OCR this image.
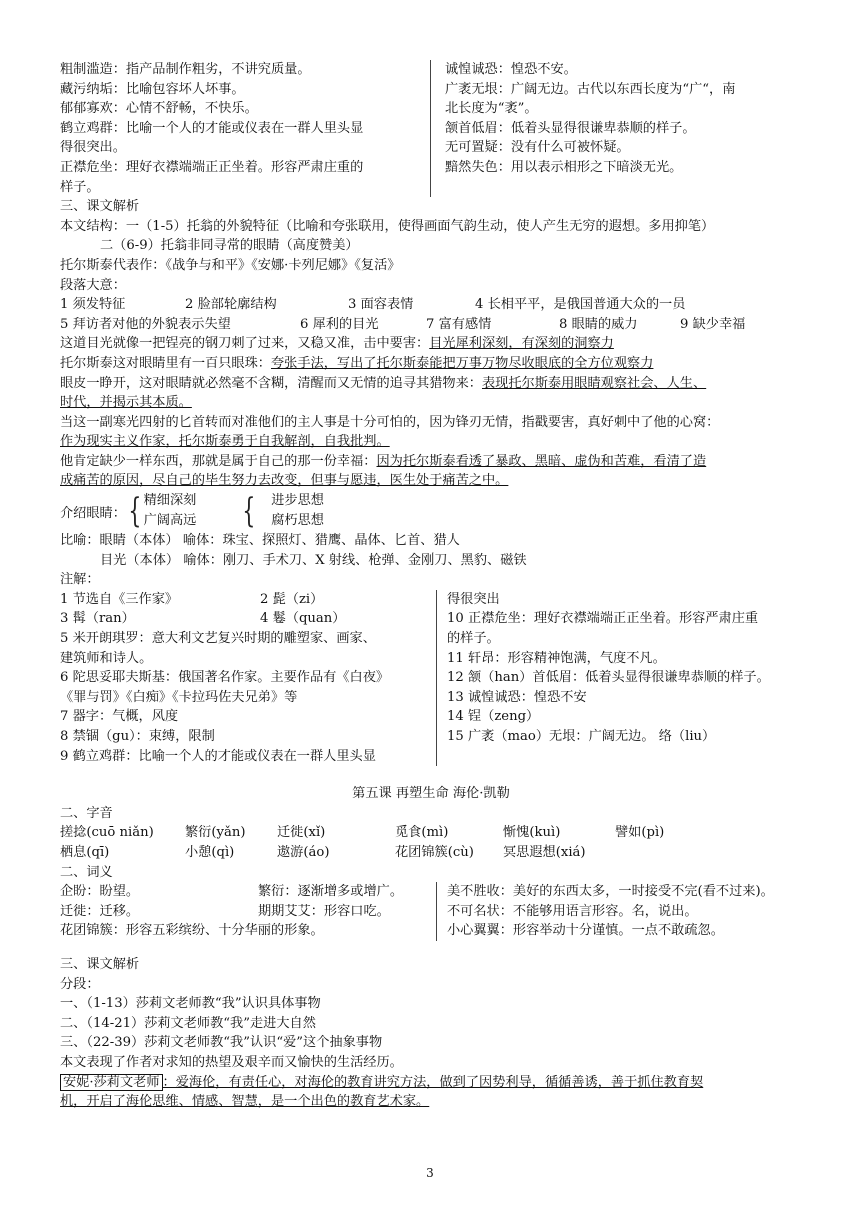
粗制滥造：指产品制作粗劣，不讲究质量。
藏污纳垢：比喻包容坏人坏事。
郁郁寡欢：心情不舒畅，不快乐。
鹤立鸡群：比喻一个人的才能或仪表在一群人里头显
得很突出。
正襟危坐：理好衣襟端端正正坐着。形容严肃庄重的
样子。
诚惶诚恐：惶恐不安。
广袤无垠：广阔无边。古代以东西长度为“广“，南
北长度为“袤”。
颔首低眉：低着头显得很谦卑恭顺的样子。
无可置疑：没有什么可被怀疑。
黯然失色：用以表示相形之下暗淡无光。
三、课文解析
本文结构：一（1-5）托翁的外貌特征（比喻和夸张联用，使得画面气韵生动，使人产生无穷的遐想。多用抑笔）
二（6-9）托翁非同寻常的眼睛（高度赞美）
托尔斯泰代表作：《战争与和平》《安娜·卡列尼娜》《复活》
段落大意：
1 须发特征	2 脸部轮廓结构	3 面容表情	4 长相平平，是俄国普通大众的一员
5 拜访者对他的外貌表示失望	6 犀利的目光	7 富有感情	8 眼睛的威力	9 缺少幸福
这道目光就像一把锃亮的钢刀刺了过来，又稳又准，击中要害：目光犀利深刻，有深刻的洞察力
托尔斯泰这对眼睛里有一百只眼珠：夸张手法，写出了托尔斯泰能把万事万物尽收眼底的全方位观察力
眼皮一睁开，这对眼睛就必然毫不含糊，清醒而又无情的追寻其猎物来：表现托尔斯泰用眼睛观察社会、人生、
时代，并揭示其本质。
当这一副寒光四射的匕首转而对准他们的主人事是十分可怕的，因为锋刃无情，指戳要害，真好刺中了他的心窝：
作为现实主义作家，托尔斯泰勇于自我解剖，自我批判。
他肯定缺少一样东西，那就是属于自己的那一份幸福：因为托尔斯泰看透了暴政、黑暗、虚伪和苦难，看清了造
成痛苦的原因，尽自己的毕生努力去改变，但事与愿违，医生处于痛苦之中。
介绍眼睛： { 精细深刻
广阔高远	{ 进步思想
腐朽思想
比喻：眼睛（本体） 喻体：珠宝、探照灯、猎鹰、晶体、匕首、猎人
目光（本体） 喻体：刚刀、手术刀、X 射线、枪弹、金刚刀、黑豹、磁铁
注解：
1 节选自《三作家》	2 髭（zi）
3 髯（ran）	4 鬈（quan）
5 米开朗琪罗：意大利文艺复兴时期的雕塑家、画家、
建筑师和诗人。
6 陀思妥耶夫斯基：俄国著名作家。主要作品有《白夜》
《罪与罚》《白痴》《卡拉玛佐夫兄弟》等
7 器字：气概，风度
8 禁锢（gu）：束缚，限制
9 鹤立鸡群：比喻一个人的才能或仪表在一群人里头显
得很突出
10 正襟危坐：理好衣襟端端正正坐着。形容严肃庄重
的样子。
11 轩昂：形容精神饱满，气度不凡。
12 颔（han）首低眉：低着头显得很谦卑恭顺的样子。
13 诚惶诚恐：惶恐不安
14 锃（zeng）
15 广袤（mao）无垠：广阔无边。 络（liu）
第五课 再塑生命 海伦·凯勒
二、字音
搓捻(cuō niǎn)	繁衍(yǎn)	迁徙(xǐ)	觅食(mì)	惭愧(kuì)	譬如(pì)
栖息(qī)	小憩(qì)	遨游(áo)	花团锦簇(cù)	冥思遐想(xiá)
二、词义
企盼：盼望。	繁衍：逐渐增多或增广。
迁徙：迁移。	期期艾艾：形容口吃。
花团锦簇：形容五彩缤纷、十分华丽的形象。
美不胜收：美好的东西太多，一时接受不完(看不过来)。
不可名状：不能够用语言形容。名，说出。
小心翼翼：形容举动十分谨慎。一点不敢疏忽。
三、课文解析
分段：
一、（1-13）莎莉文老师教“我”认识具体事物
二、（14-21）莎莉文老师教“我”走进大自然
三、（22-39）莎莉文老师教“我”认识“爱”这个抽象事物
本文表现了作者对求知的热望及艰辛而又愉快的生活经历。
安妮·莎莉文老师 ：爱海伦，有责任心，对海伦的教育讲究方法，做到了因势利导，循循善诱，善于抓住教育契
机，开启了海伦思维、情感、智慧，是一个出色的教育艺术家。
3
